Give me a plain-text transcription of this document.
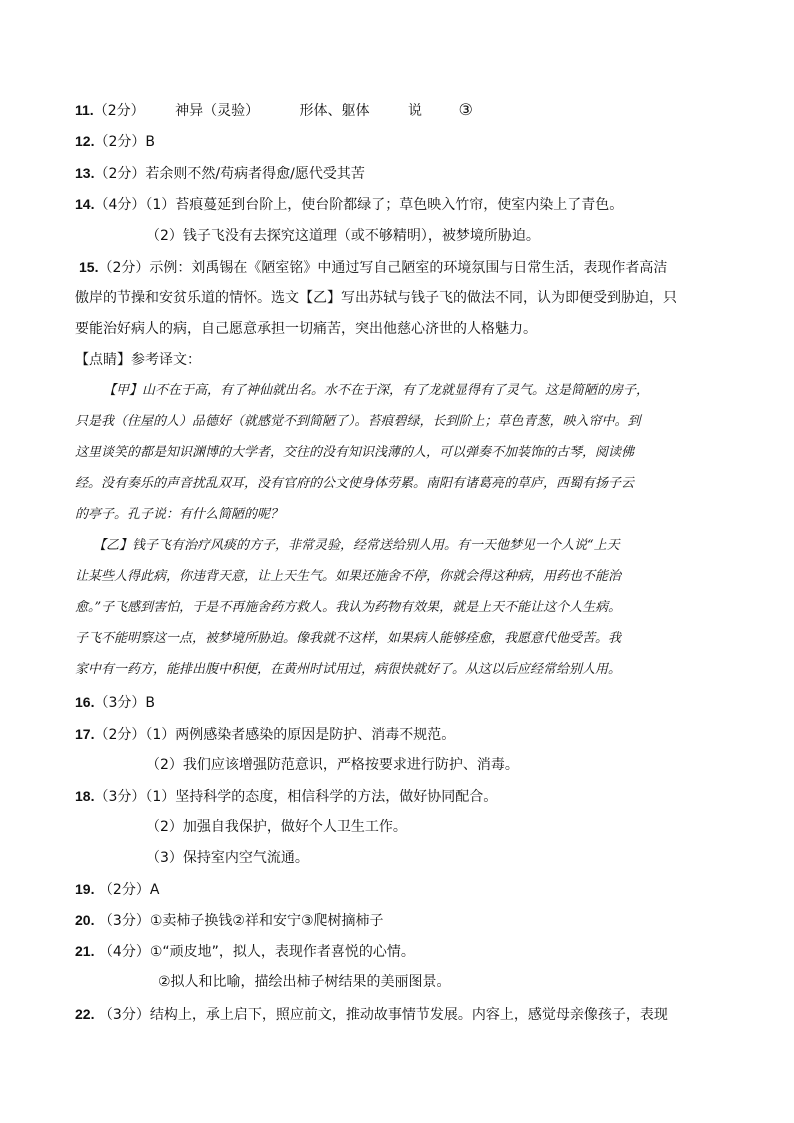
11.（2分） 神异（灵验）	形体、躯体	说 ③
12.（2分）B
13.（2分）若余则不然/苟病者得愈/愿代受其苦
14.（4分）（1）苔痕蔓延到台阶上，使台阶都绿了；草色映入竹帘，使室内染上了青色。
（2）钱子飞没有去探究这道理（或不够精明），被梦境所胁迫。
15.（2分）示例：刘禹锡在《陋室铭》中通过写自己陋室的环境氛围与日常生活，表现作者高洁
傲岸的节操和安贫乐道的情怀。选文【乙】写出苏轼与钱子飞的做法不同，认为即便受到胁迫，只
要能治好病人的病，自己愿意承担一切痛苦，突出他慈心济世的人格魅力。
【点睛】参考译文：
【甲】山不在于高，有了神仙就出名。水不在于深，有了龙就显得有了灵气。这是简陋的房子，
只是我（住屋的人）品德好（就感觉不到简陋了）。苔痕碧绿，长到阶上；草色青葱，映入帘中。到
这里谈笑的都是知识渊博的大学者，交往的没有知识浅薄的人，可以弹奏不加装饰的古琴，阅读佛
经。没有奏乐的声音扰乱双耳，没有官府的公文使身体劳累。南阳有诸葛亮的草庐，西蜀有扬子云
的亭子。孔子说：有什么简陋的呢？
【乙】钱子飞有治疗风痰的方子，非常灵验，经常送给别人用。有一天他梦见一个人说“上天
让某些人得此病，你违背天意，让上天生气。如果还施舍不停，你就会得这种病，用药也不能治
愈。”子飞感到害怕，于是不再施舍药方救人。我认为药物有效果，就是上天不能让这个人生病。
子飞不能明察这一点，被梦境所胁迫。像我就不这样，如果病人能够痊愈，我愿意代他受苦。我
家中有一药方，能排出腹中积便，在黄州时试用过，病很快就好了。从这以后应经常给别人用。
16.（3分）B
17.（2分）（1）两例感染者感染的原因是防护、消毒不规范。
（2）我们应该增强防范意识，严格按要求进行防护、消毒。
18.（3分）（1）坚持科学的态度，相信科学的方法，做好协同配合。
（2）加强自我保护，做好个人卫生工作。
（3）保持室内空气流通。
19. （2分）A
20. （3分）①卖柿子换钱②祥和安宁③爬树摘柿子
21. （4分）①“顽皮地”，拟人，表现作者喜悦的心情。
②拟人和比喻，描绘出柿子树结果的美丽图景。
22. （3分）结构上，承上启下，照应前文，推动故事情节发展。内容上，感觉母亲像孩子，表现
